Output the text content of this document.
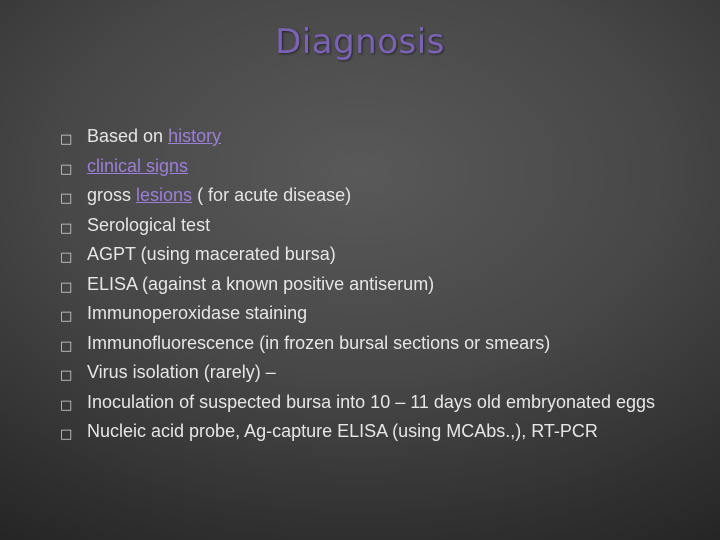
Diagnosis
□ Based on history
□ clinical signs
□ gross lesions ( for acute disease)
□ Serological test
□ AGPT (using macerated bursa)
□ ELISA (against a known positive antiserum)
□ Immunoperoxidase staining
□ Immunofluorescence (in frozen bursal sections or smears)
□ Virus isolation (rarely) –
□ Inoculation of suspected bursa into 10 – 11 days old embryonated eggs
□ Nucleic acid probe, Ag-capture ELISA (using MCAbs.,), RT-PCR
